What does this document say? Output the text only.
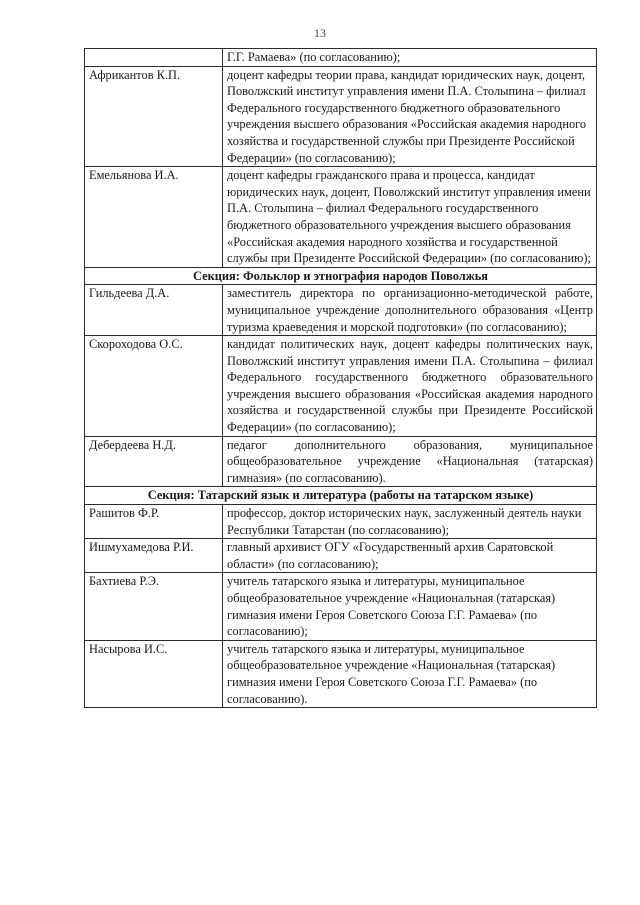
13
	Г.Г. Рамаева» (по согласованию);
Африкантов К.П.	доцент кафедры теории права, кандидат юридических наук, доцент, Поволжский институт управления имени П.А. Столыпина – филиал Федерального государственного бюджетного образовательного учреждения высшего образования «Российская академия народного хозяйства и государственной службы при Президенте Российской Федерации» (по согласованию);
Емельянова И.А.	доцент кафедры гражданского права и процесса, кандидат юридических наук, доцент, Поволжский институт управления имени П.А. Столыпина – филиал Федерального государственного бюджетного образовательного учреждения высшего образования «Российская академия народного хозяйства и государственной службы при Президенте Российской Федерации» (по согласованию);
Секция: Фольклор и этнография народов Поволжья	
Гильдеева Д.А.	заместитель директора по организационно-методической работе, муниципальное учреждение дополнительного образования «Центр туризма краеведения и морской подготовки» (по согласованию);
Скороходова О.С.	кандидат политических наук, доцент кафедры политических наук, Поволжский институт управления имени П.А. Столыпина – филиал Федерального государственного бюджетного образовательного учреждения высшего образования «Российская академия народного хозяйства и государственной службы при Президенте Российской Федерации» (по согласованию);
Дебердеева Н.Д.	педагог дополнительного образования, муниципальное общеобразовательное учреждение «Национальная (татарская) гимназия» (по согласованию).
Секция: Татарский язык и литература (работы на татарском языке)	
Рашитов Ф.Р.	профессор, доктор исторических наук, заслуженный деятель науки Республики Татарстан (по согласованию);
Ишмухамедова Р.И.	главный архивист ОГУ «Государственный архив Саратовской области» (по согласованию);
Бахтиева Р.Э.	учитель татарского языка и литературы, муниципальное общеобразовательное учреждение «Национальная (татарская) гимназия имени Героя Советского Союза Г.Г. Рамаева» (по согласованию);
Насырова И.С.	учитель татарского языка и литературы, муниципальное общеобразовательное учреждение «Национальная (татарская) гимназия имени Героя Советского Союза Г.Г. Рамаева» (по согласованию).
